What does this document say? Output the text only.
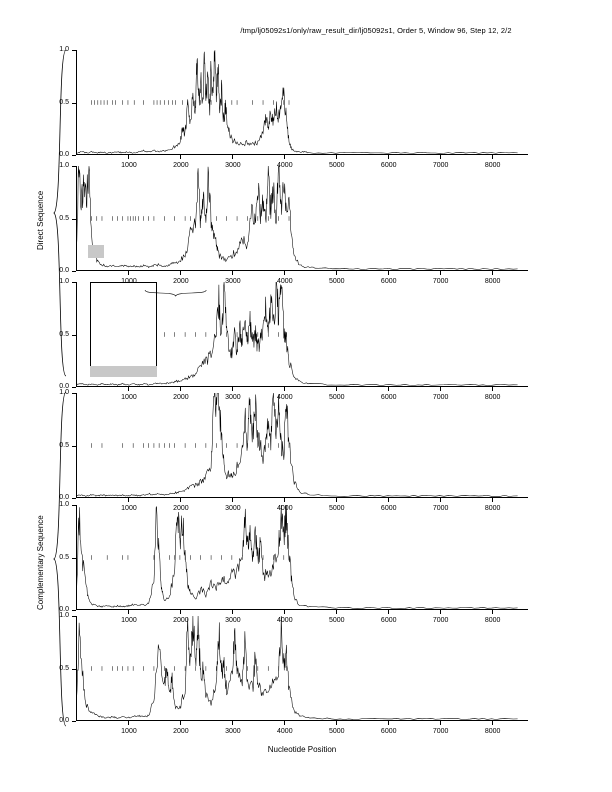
/tmp/lj05092s1/only/raw_result_dir/lj05092s1, Order 5, Window 96, Step 12, 2/2
Direct Sequence
Complementary Sequence
Nucleotide Position
0.0
0.5
1.0
1000	2000	3000	4000	5000	6000	7000	8000
0.0
0.5
1.0
2000	3000	4000	5000	6000	7000	8000
0.0
0.5
1.0
1000	2000	3000	4000	5000	6000	7000	8000
0.0
0.5
1.0
1000	2000	3000	4000	5000	6000	7000	8000
0.0
0.5
1.0
1000	2000	3000	4000	5000	6000	7000	8000
0.0
0.5
1.0
1000	2000	3000	4000	5000	6000	7000	8000
